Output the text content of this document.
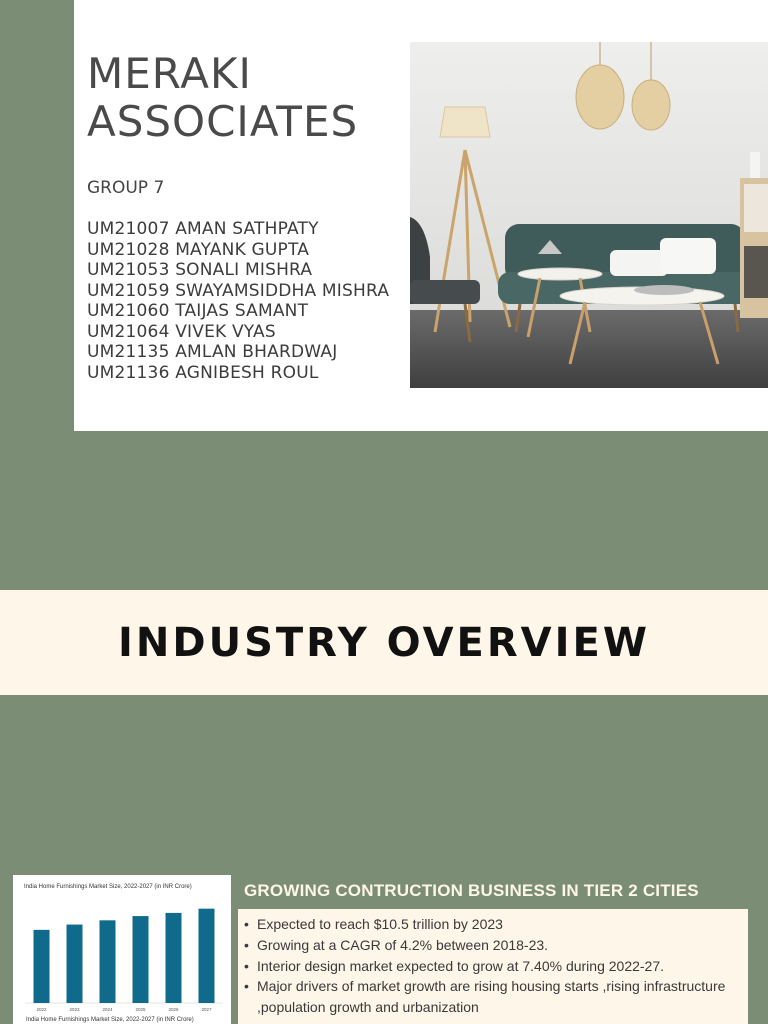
MERAKI
ASSOCIATES
GROUP 7
UM21007 AMAN SATHPATY
UM21028 MAYANK GUPTA
UM21053 SONALI MISHRA
UM21059 SWAYAMSIDDHA MISHRA
UM21060 TAIJAS SAMANT
UM21064 VIVEK VYAS
UM21135 AMLAN BHARDWAJ
UM21136 AGNIBESH ROUL
INDUSTRY OVERVIEW
2022	2023	2024	2025	2026	2027
India Home Furnishings Market Size, 2022-2027 (in INR Crore)
India Home Furnishings Market Size, 2022-2027 (in INR Crore)
GROWING CONTRUCTION BUSINESS IN TIER 2 CITIES
• Expected to reach $10.5 trillion by 2023
• Growing at a CAGR of 4.2% between 2018-23.
• Interior design market expected to grow at 7.40% during 2022-27.
• Major drivers of market growth are rising housing starts ,rising infrastructure ,population growth and urbanization
